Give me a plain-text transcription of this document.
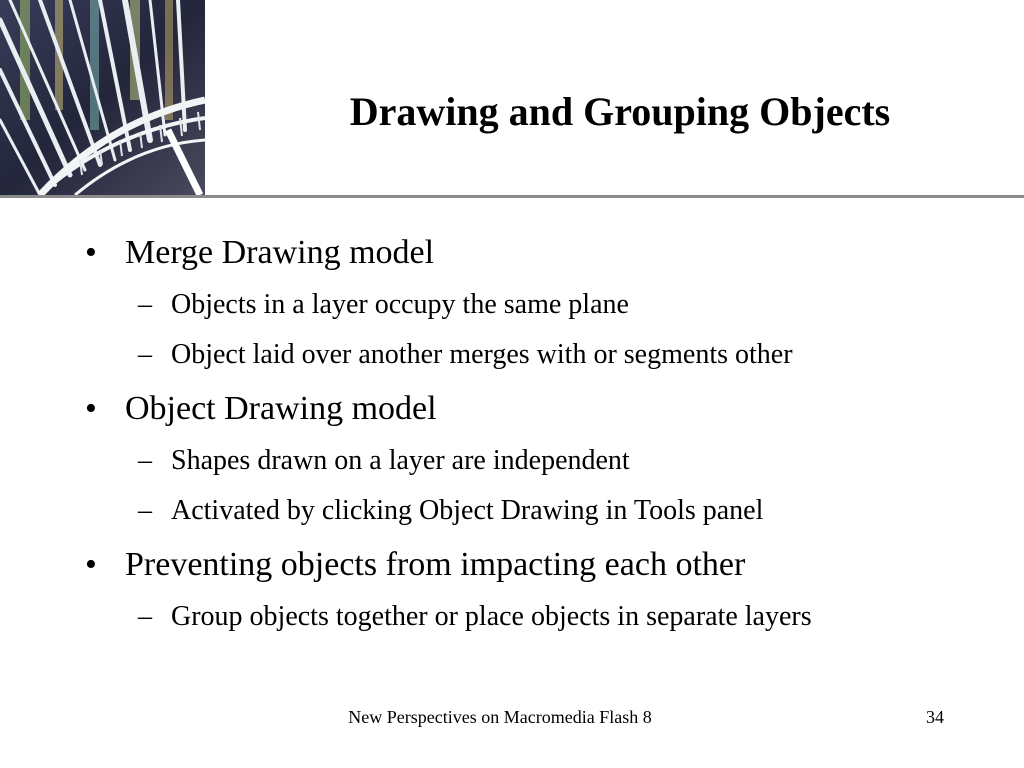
Drawing and Grouping Objects
• Merge Drawing model
– Objects in a layer occupy the same plane
– Object laid over another merges with or segments other
• Object Drawing model
– Shapes drawn on a layer are independent
– Activated by clicking Object Drawing in Tools panel
• Preventing objects from impacting each other
– Group objects together or place objects in separate layers
New Perspectives on Macromedia Flash 8	34
